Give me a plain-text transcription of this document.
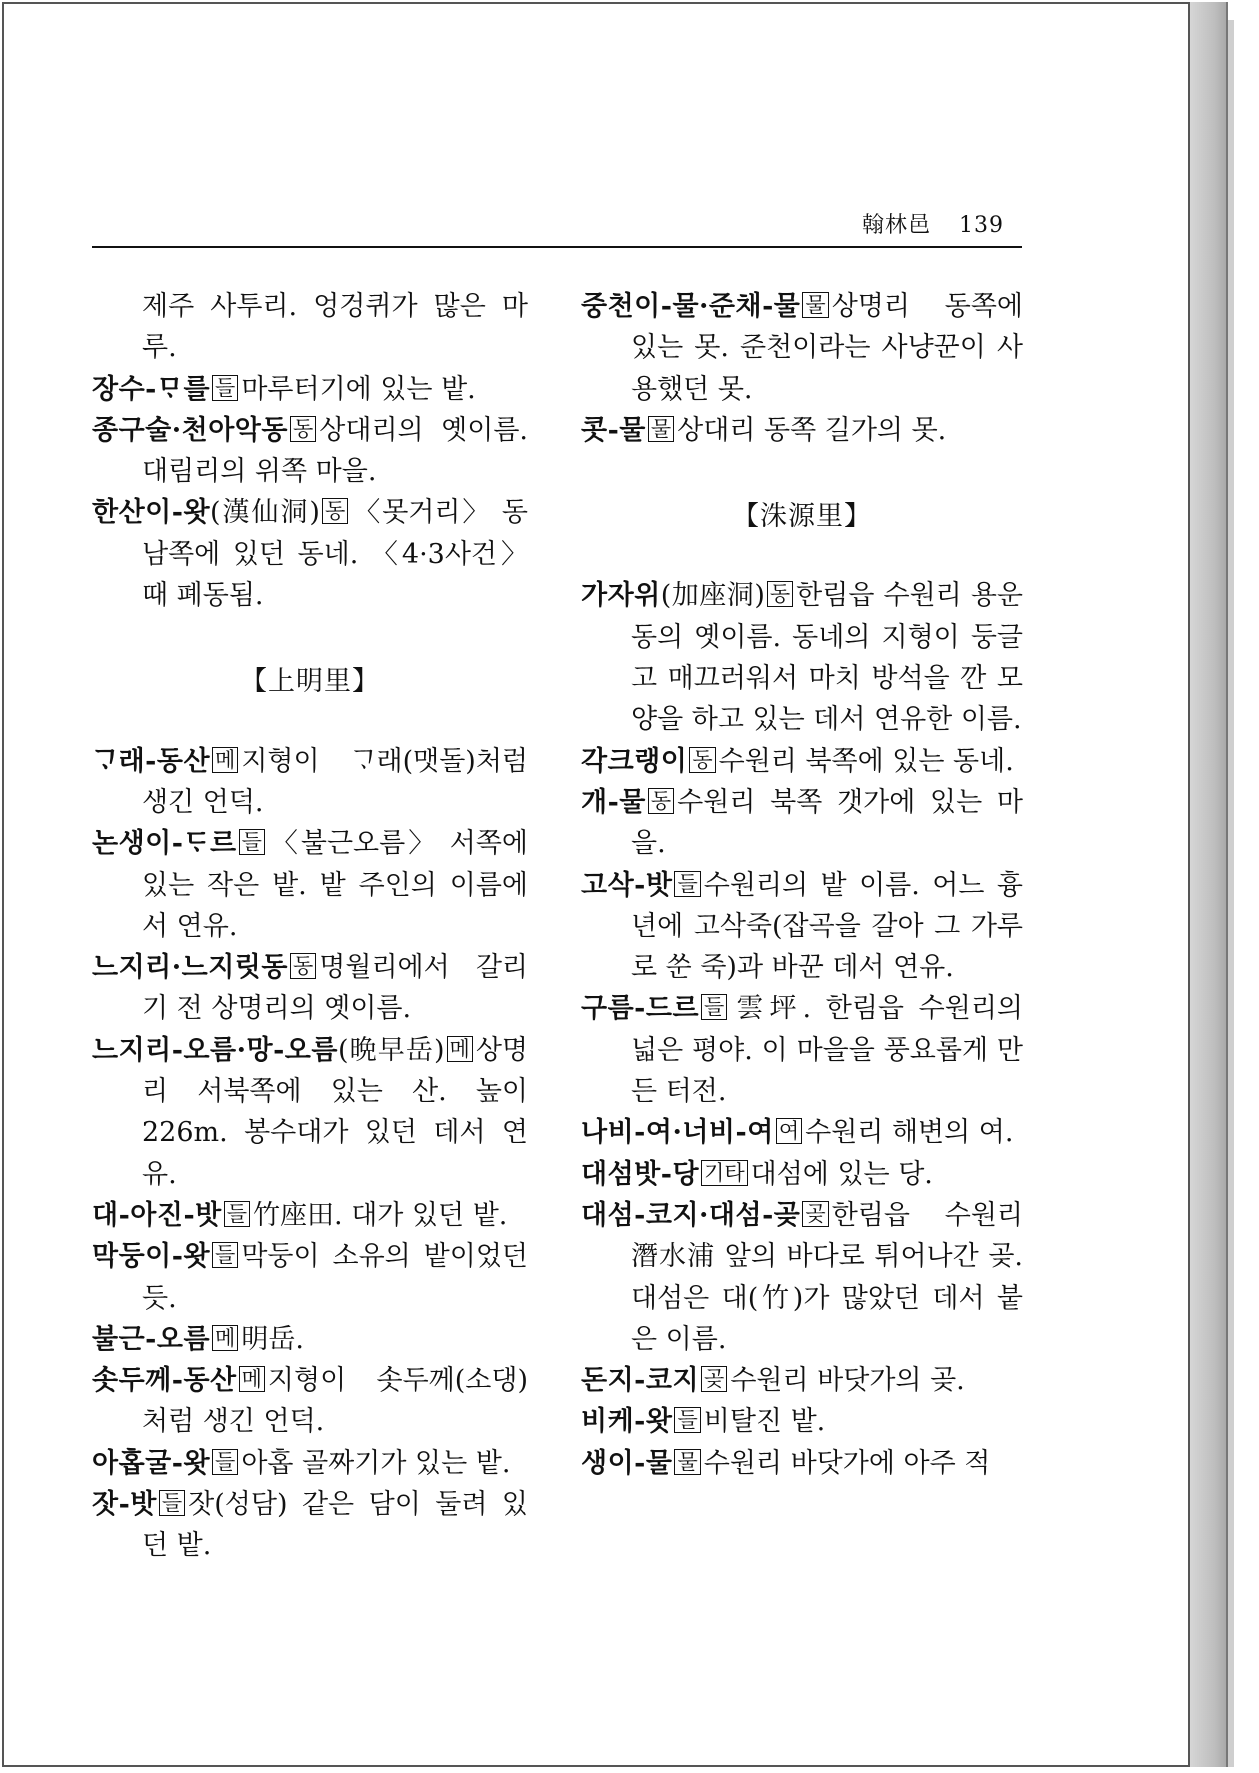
翰林邑 139

제주 사투리. 엉겅퀴가 많은 마루.

장수-ᄆᆞ를 들 마루터기에 있는 밭.

종구술·천아악동 동 상대리의 옛이름. 대림리의 위쪽 마을.

한산이-왓(漢仙洞) 동 〈못거리〉 동남쪽에 있던 동네. 〈4·3사건〉 때 폐동됨.

【上明里】

ᄀᆞ래-동산 메 지형이 ᄀᆞ래(맷돌)처럼 생긴 언덕.

논생이-ᄃᆞ르 들 〈불근오름〉 서쪽에 있는 작은 밭. 밭 주인의 이름에서 연유.

느지리·느지릿동 동 명월리에서 갈리기 전 상명리의 옛이름.

느지리-오름·망-오름(晩早岳) 메 상명리 서북쪽에 있는 산. 높이 226m. 봉수대가 있던 데서 연유.

대-아진-밧 들 竹座田. 대가 있던 밭.

막둥이-왓 들 막둥이 소유의 밭이었던 듯.

불근-오름 메 明岳.

솟두께-동산 메 지형이 솟두께(소댕)처럼 생긴 언덕.

아홉굴-왓 들 아홉 골짜기가 있는 밭.

잣-밧 들 잣(성담) 같은 담이 둘려 있던 밭.

중천이-물·준채-물 물 상명리 동쪽에 있는 못. 준천이라는 사냥꾼이 사용했던 못.

콧-물 물 상대리 동쪽 길가의 못.

【洙源里】

가자위(加座洞) 동 한림읍 수원리 용운동의 옛이름. 동네의 지형이 둥글고 매끄러워서 마치 방석을 깐 모양을 하고 있는 데서 연유한 이름.

각크랭이 동 수원리 북쪽에 있는 동네.

개-물 동 수원리 북쪽 갯가에 있는 마을.

고삭-밧 들 수원리의 밭 이름. 어느 흉년에 고삭죽(잡곡을 갈아 그 가루로 쑨 죽)과 바꾼 데서 연유.

구름-드르 들 雲坪. 한림읍 수원리의 넓은 평야. 이 마을을 풍요롭게 만든 터전.

나비-여·너비-여 여 수원리 해변의 여.

대섬밧-당 기타 대섬에 있는 당.

대섬-코지·대섬-곶 곶 한림읍 수원리 潛水浦 앞의 바다로 튀어나간 곶. 대섬은 대(竹)가 많았던 데서 붙은 이름.

돈지-코지 곶 수원리 바닷가의 곶.

비케-왓 들 비탈진 밭.

생이-물 물 수원리 바닷가에 아주 적
